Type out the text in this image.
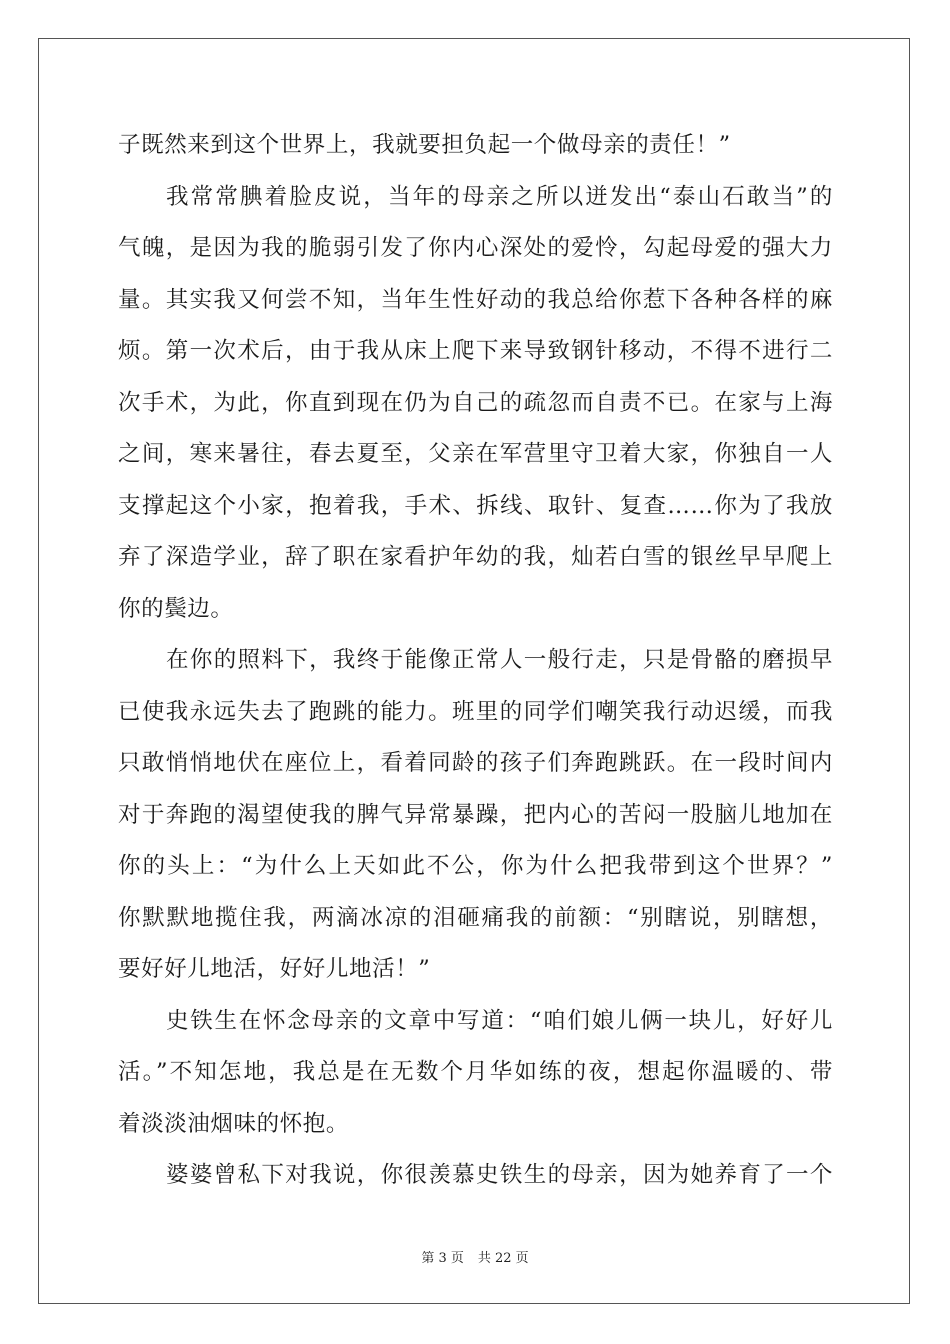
子既然来到这个世界上，我就要担负起一个做母亲的责任！”
我常常腆着脸皮说，当年的母亲之所以迸发出“泰山石敢当”的
气魄，是因为我的脆弱引发了你内心深处的爱怜，勾起母爱的强大力
量。其实我又何尝不知，当年生性好动的我总给你惹下各种各样的麻
烦。第一次术后，由于我从床上爬下来导致钢针移动，不得不进行二
次手术，为此，你直到现在仍为自己的疏忽而自责不已。在家与上海
之间，寒来暑往，春去夏至，父亲在军营里守卫着大家，你独自一人
支撑起这个小家，抱着我，手术、拆线、取针、复查……你为了我放
弃了深造学业，辞了职在家看护年幼的我，灿若白雪的银丝早早爬上
你的鬓边。
在你的照料下，我终于能像正常人一般行走，只是骨骼的磨损早
已使我永远失去了跑跳的能力。班里的同学们嘲笑我行动迟缓，而我
只敢悄悄地伏在座位上，看着同龄的孩子们奔跑跳跃。在一段时间内
对于奔跑的渴望使我的脾气异常暴躁，把内心的苦闷一股脑儿地加在
你的头上：“为什么上天如此不公，你为什么把我带到这个世界？”
你默默地揽住我，两滴冰凉的泪砸痛我的前额：“别瞎说，别瞎想，
要好好儿地活，好好儿地活！”
史铁生在怀念母亲的文章中写道：“咱们娘儿俩一块儿，好好儿
活。”不知怎地，我总是在无数个月华如练的夜，想起你温暖的、带
着淡淡油烟味的怀抱。
婆婆曾私下对我说，你很羡慕史铁生的母亲，因为她养育了一个
第 3 页 共 22 页
